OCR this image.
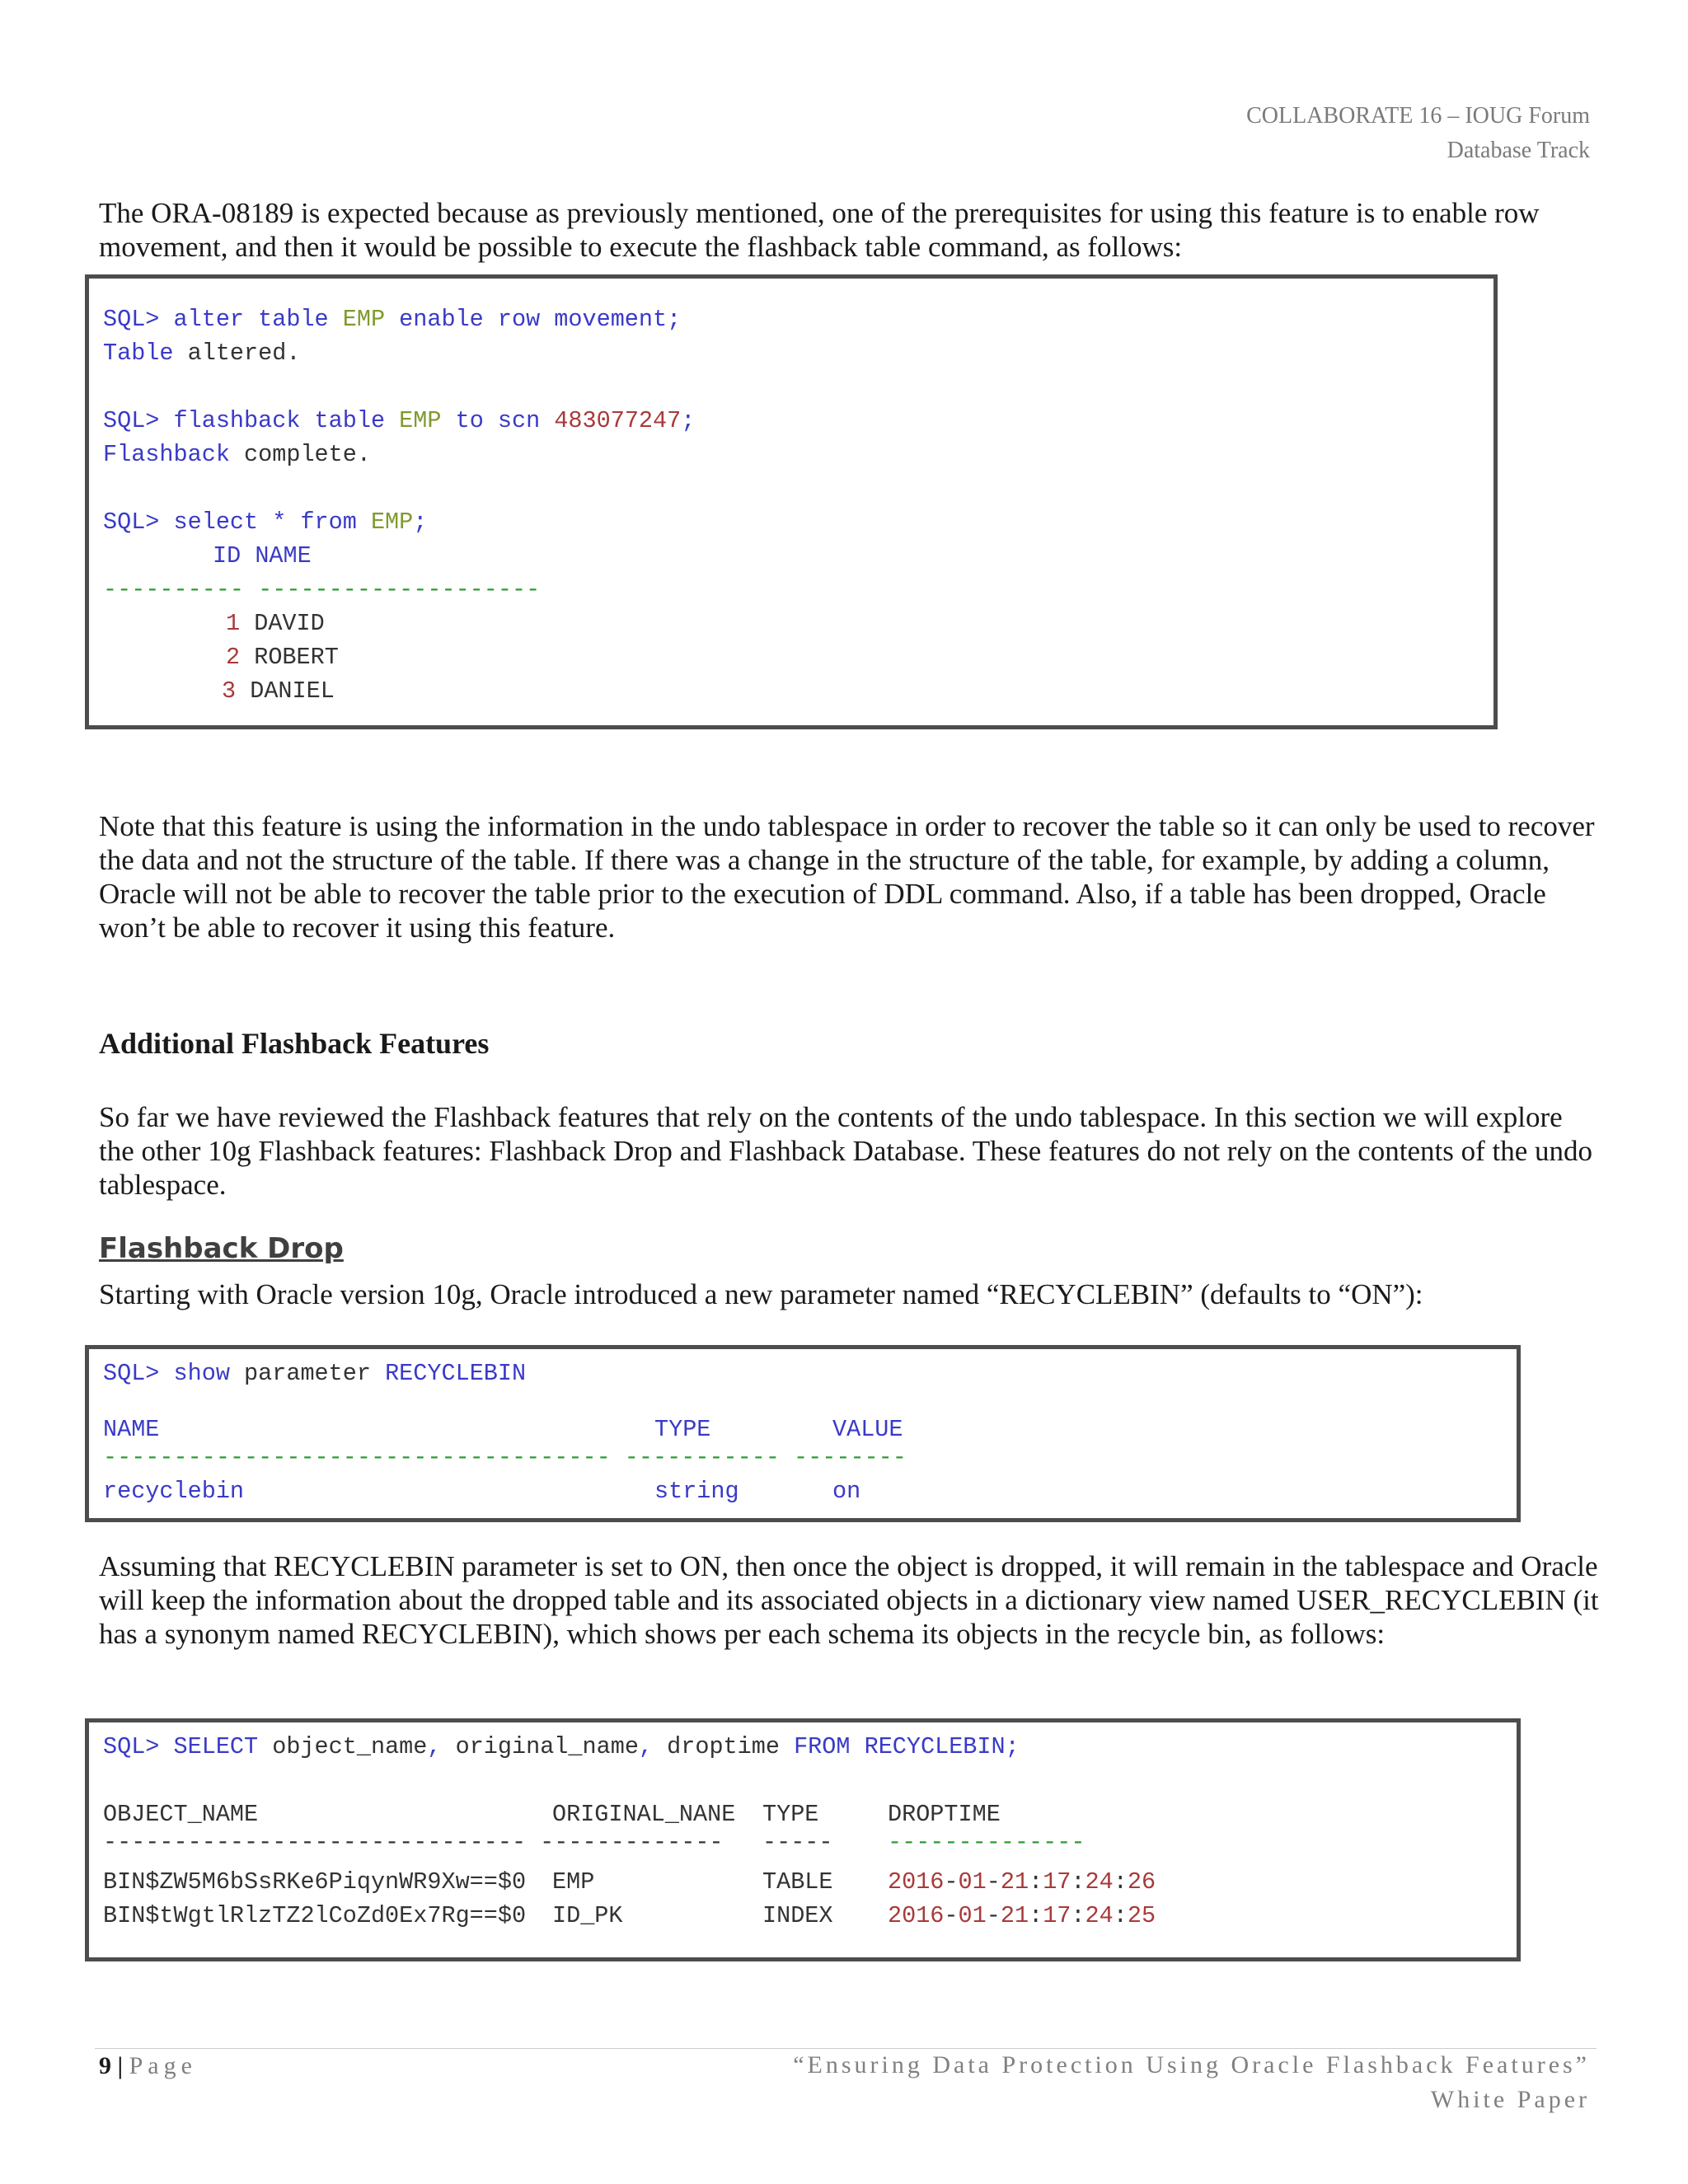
COLLABORATE 16 – IOUG Forum
Database Track

The ORA-08189 is expected because as previously mentioned, one of the prerequisites for using this feature is to enable row movement, and then it would be possible to execute the flashback table command, as follows:

SQL> alter table EMP enable row movement;
Table altered.
SQL> flashback table EMP to scn 483077247;
Flashback complete.
SQL> select * from EMP;
ID NAME
---------- --------------------
1 DAVID
2 ROBERT
3 DANIEL

Note that this feature is using the information in the undo tablespace in order to recover the table so it can only be used to recover the data and not the structure of the table. If there was a change in the structure of the table, for example, by adding a column, Oracle will not be able to recover the table prior to the execution of DDL command. Also, if a table has been dropped, Oracle won’t be able to recover it using this feature.

Additional Flashback Features

So far we have reviewed the Flashback features that rely on the contents of the undo tablespace. In this section we will explore the other 10g Flashback features: Flashback Drop and Flashback Database. These features do not rely on the contents of the undo tablespace.

Flashback Drop

Starting with Oracle version 10g, Oracle introduced a new parameter named “RECYCLEBIN” (defaults to “ON”):

SQL> show parameter RECYCLEBIN
NAME	TYPE	VALUE
------------------------------------ ----------- --------
recyclebin	string	on

Assuming that RECYCLEBIN parameter is set to ON, then once the object is dropped, it will remain in the tablespace and Oracle will keep the information about the dropped table and its associated objects in a dictionary view named USER_RECYCLEBIN (it has a synonym named RECYCLEBIN), which shows per each schema its objects in the recycle bin, as follows:

SQL> SELECT object_name, original_name, droptime FROM RECYCLEBIN;
OBJECT_NAME	ORIGINAL_NANE TYPE	DROPTIME
------------------------------ ------------- ----- --------------
BIN$ZW5M6bSsRKe6PiqynWR9Xw==$0 EMP	TABLE 2016-01-21:17:24:26
BIN$tWgtlRlzTZ2lCoZd0Ex7Rg==$0 ID_PK	INDEX 2016-01-21:17:24:25
9 | Page	“Ensuring Data Protection Using Oracle Flashback Features”
White Paper
